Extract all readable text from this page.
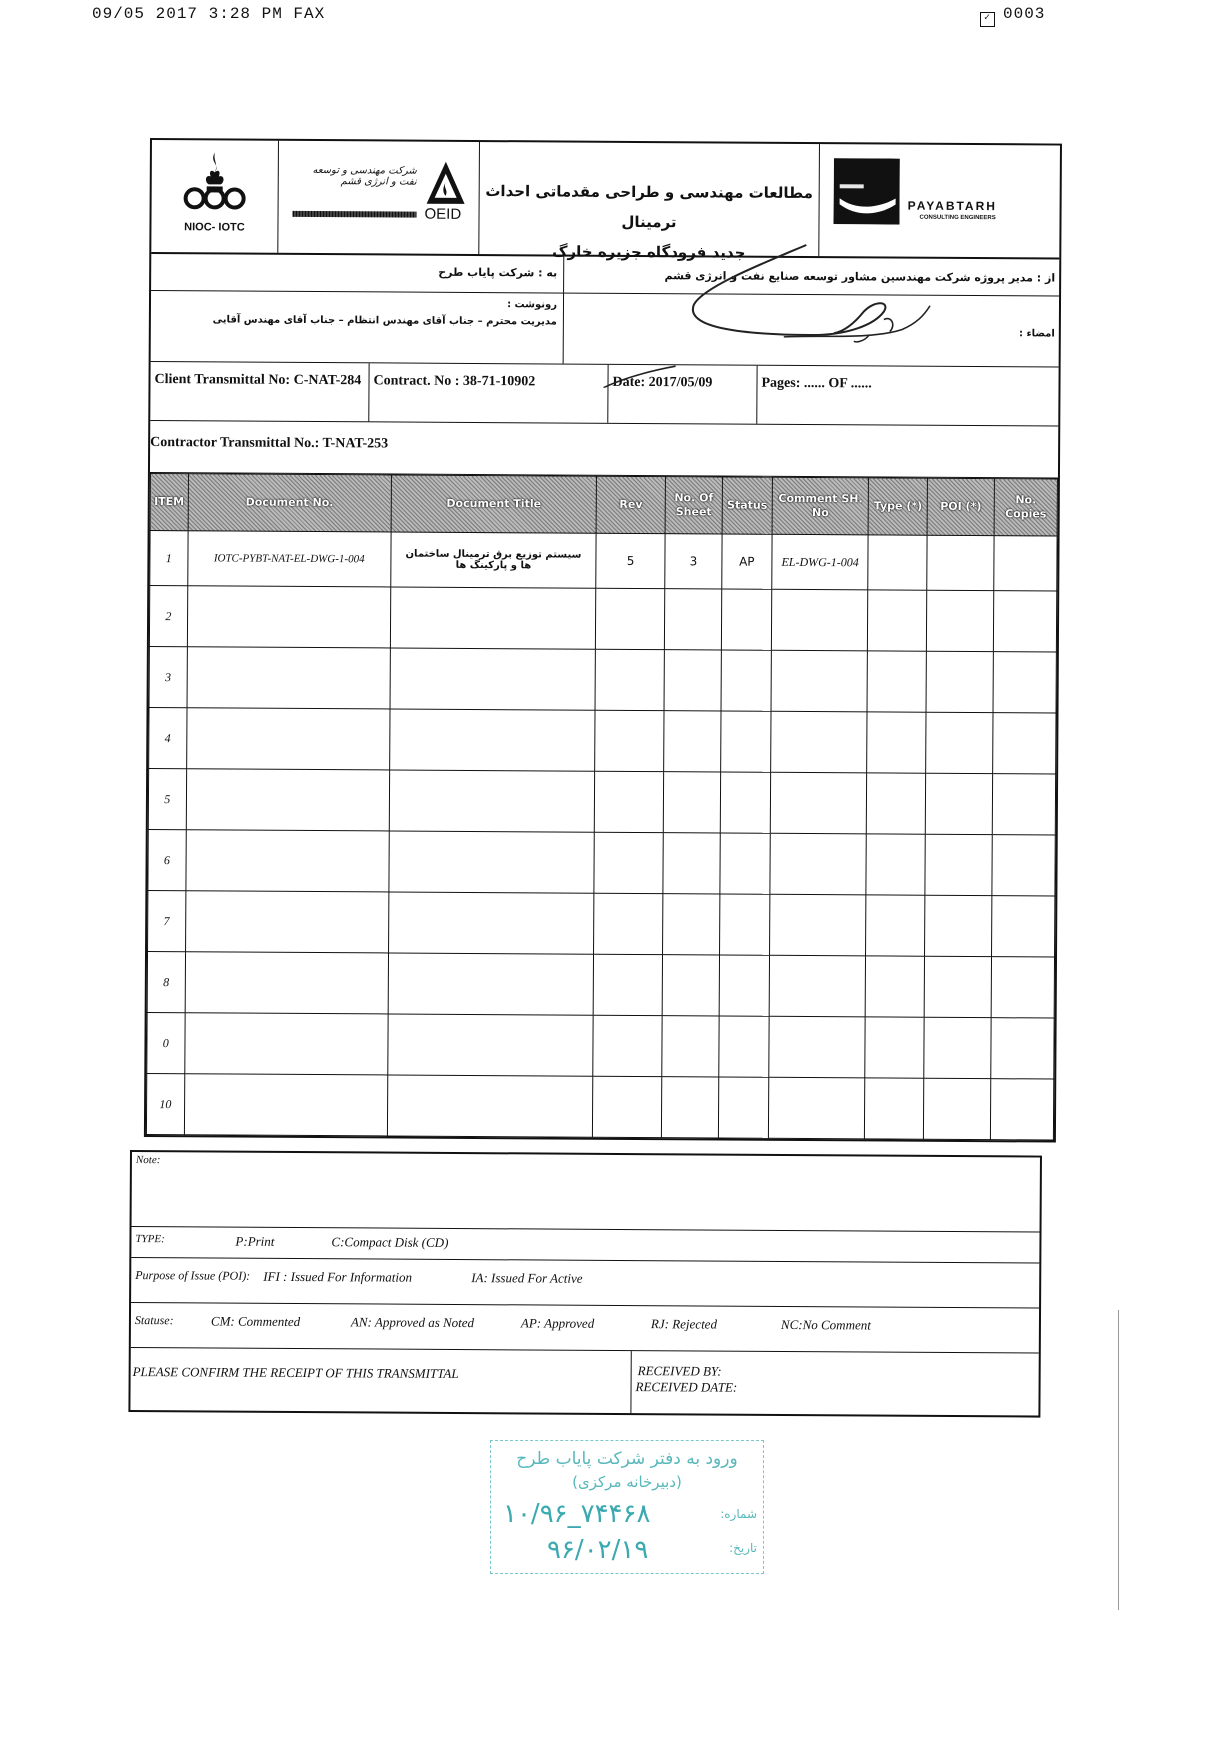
09/05 2017 3:28 PM FAX	✓ 0003
NIOC- IOTC
شرکت مهندسی و توسعه نفت و انرژی قشم
OEID
مطالعات مهندسی و طراحی مقدماتی احداث ترمینال
جدید فرودگاه جزیره خارگ
PAYABTARH
CONSULTING ENGINEERS
به : شرکت پایاب طرح	از : مدیر پروژه شرکت مهندسین مشاور توسعه صنایع نفت و انرژی قشم
رونوشت :
مدیریت محترم – جناب آقای مهندس انتظام – جناب آقای مهندس آقایی
امضاء :
Client Transmittal No: C-NAT-284 Contract. No : 38-71-10902	Date: 2017/05/09	Pages: ...... OF ......
Contractor Transmittal No.: T-NAT-253
ITEM	Document No.	Document Title	Rev	No. Of Sheet	Status	Comment SH. No	Type (*)	POI (*)	No. Copies
1	IOTC-PYBT-NAT-EL-DWG-1-004	سیستم توزیع برق ترمینال ساختمان ها و پارکینگ ها	5	3	AP	EL-DWG-1-004			
2									
3									
4									
5									
6									
7									
8									
0									
10									
Note:
TYPE:	P:Print	C:Compact Disk (CD)
Purpose of Issue (POI): IFI : Issued For Information	IA: Issued For Active
Statuse:	CM: Commented	AN: Approved as Noted	AP: Approved	RJ: Rejected	NC:No Comment
PLEASE CONFIRM THE RECEIPT OF THIS TRANSMITTAL	RECEIVED BY:
RECEIVED DATE:
ورود به دفتر شرکت پایاب طرح
(دبیرخانه مرکزی)
شماره:
تاریخ:
۱۰/۹۶_۷۴۴۶۸
۹۶/۰۲/۱۹
